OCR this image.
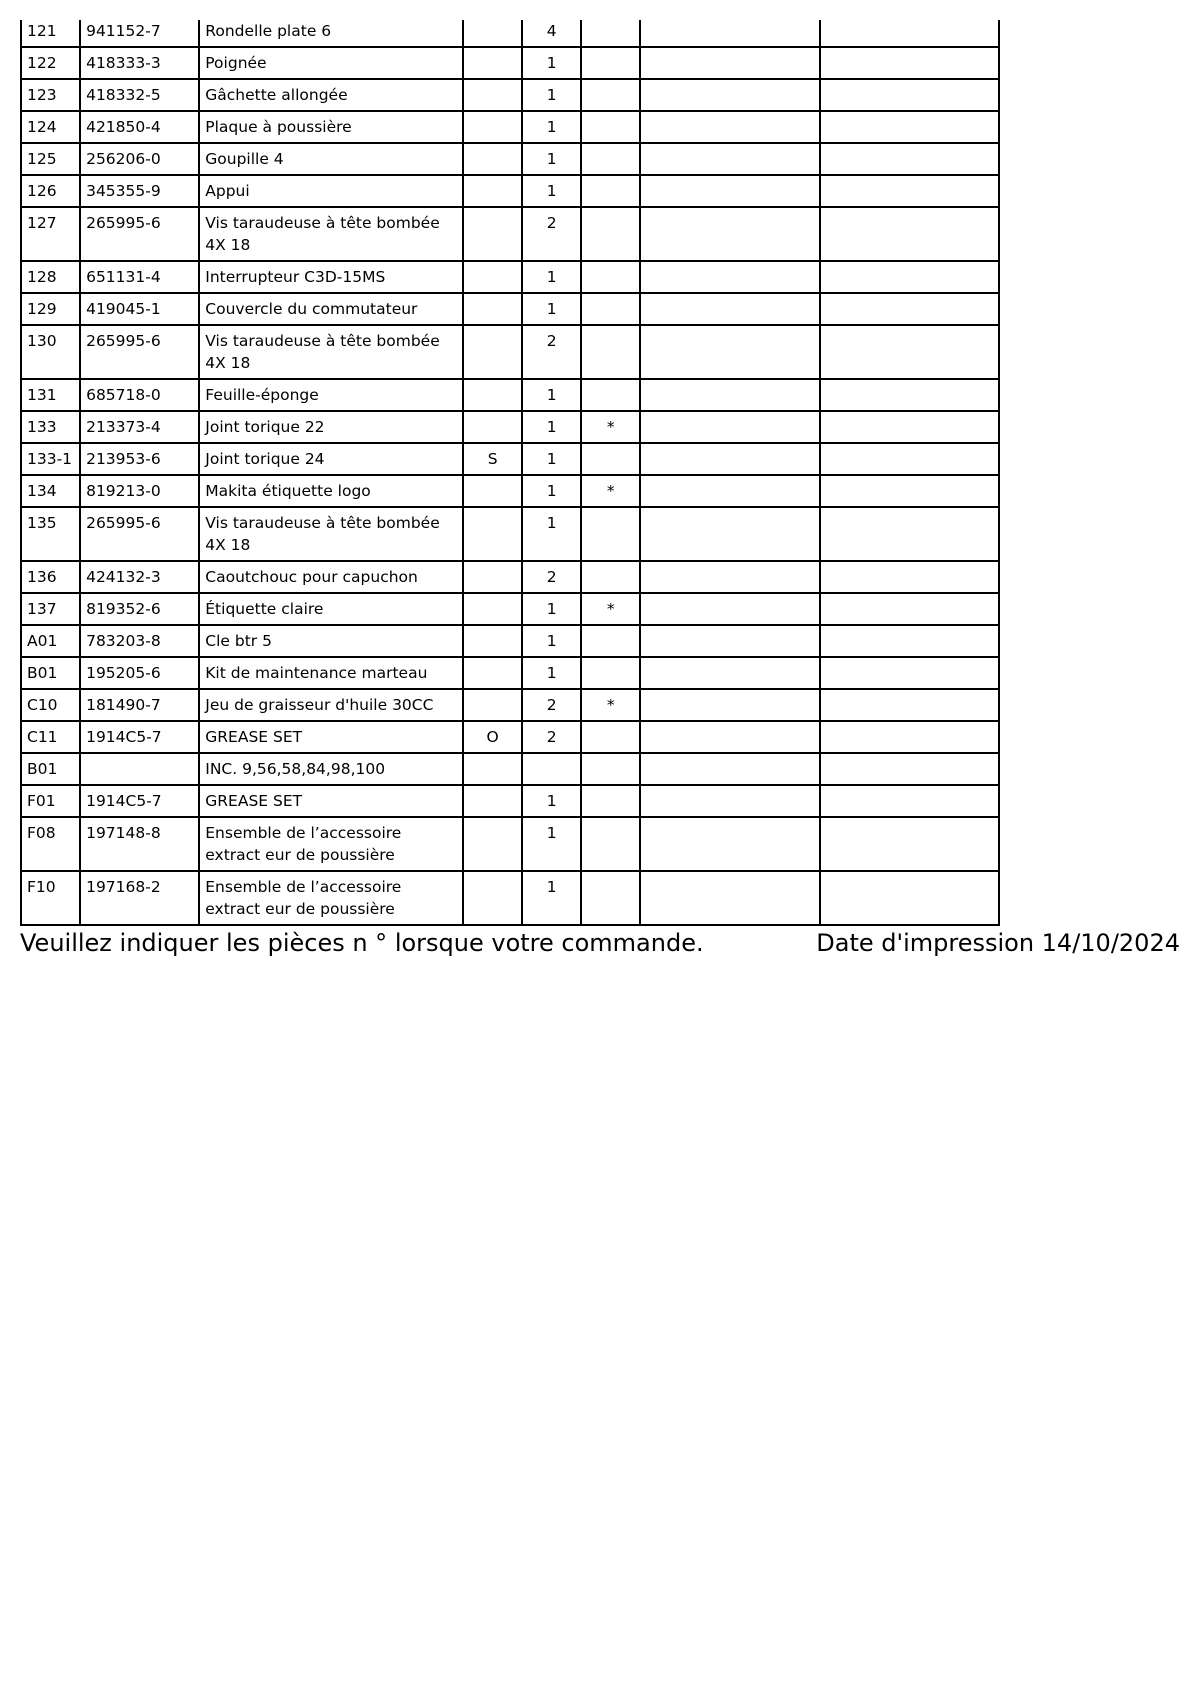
121	941152-7	Rondelle plate 6		4			
122	418333-3	Poignée		1			
123	418332-5	Gâchette allongée		1			
124	421850-4	Plaque à poussière		1			
125	256206-0	Goupille 4		1			
126	345355-9	Appui		1			
127	265995-6	Vis taraudeuse à tête bombée 4X 18		2			
128	651131-4	Interrupteur C3D-15MS		1			
129	419045-1	Couvercle du commutateur		1			
130	265995-6	Vis taraudeuse à tête bombée 4X 18		2			
131	685718-0	Feuille-éponge		1			
133	213373-4	Joint torique 22		1	*		
133-1	213953-6	Joint torique 24	S	1			
134	819213-0	Makita étiquette logo		1	*		
135	265995-6	Vis taraudeuse à tête bombée 4X 18		1			
136	424132-3	Caoutchouc pour capuchon		2			
137	819352-6	Étiquette claire		1	*		
A01	783203-8	Cle btr 5		1			
B01	195205-6	Kit de maintenance marteau		1			
C10	181490-7	Jeu de graisseur d'huile 30CC		2	*		
C11	1914C5-7	GREASE SET	O	2			
B01		INC. 9,56,58,84,98,100					
F01	1914C5-7	GREASE SET		1			
F08	197148-8	Ensemble de l’accessoire extract eur de poussière		1			
F10	197168-2	Ensemble de l’accessoire extract eur de poussière		1			
Veuillez indiquer les pièces n ° lorsque votre commande.	Date d'impression 14/10/2024
